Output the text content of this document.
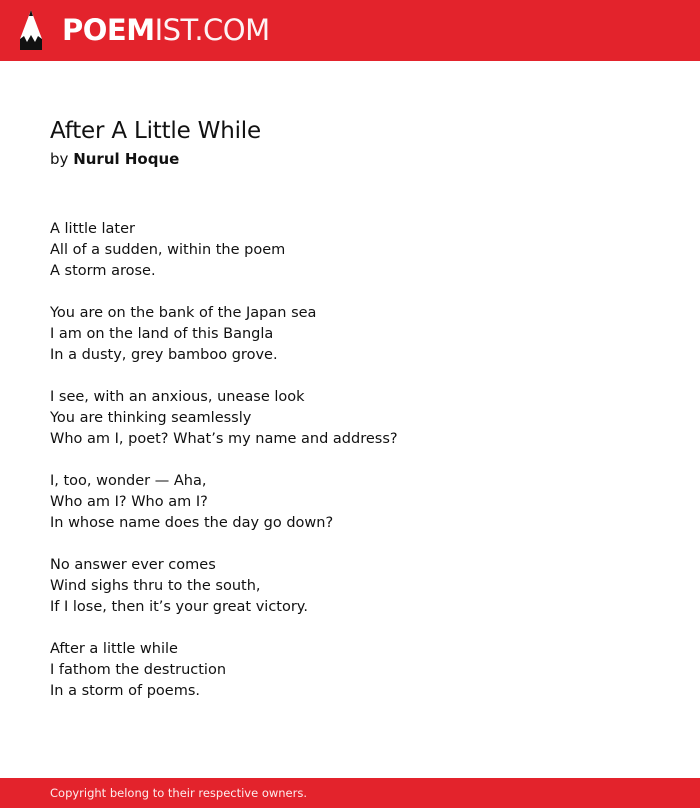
POEMIST.COM
After A Little While
by Nurul Hoque
A little later
All of a sudden, within the poem
A storm arose.
You are on the bank of the Japan sea
I am on the land of this Bangla
In a dusty, grey bamboo grove.
I see, with an anxious, unease look
You are thinking seamlessly
Who am I, poet? What’s my name and address?
I, too, wonder — Aha,
Who am I? Who am I?
In whose name does the day go down?
No answer ever comes
Wind sighs thru to the south,
If I lose, then it’s your great victory.
After a little while
I fathom the destruction
In a storm of poems.
Copyright belong to their respective owners.
